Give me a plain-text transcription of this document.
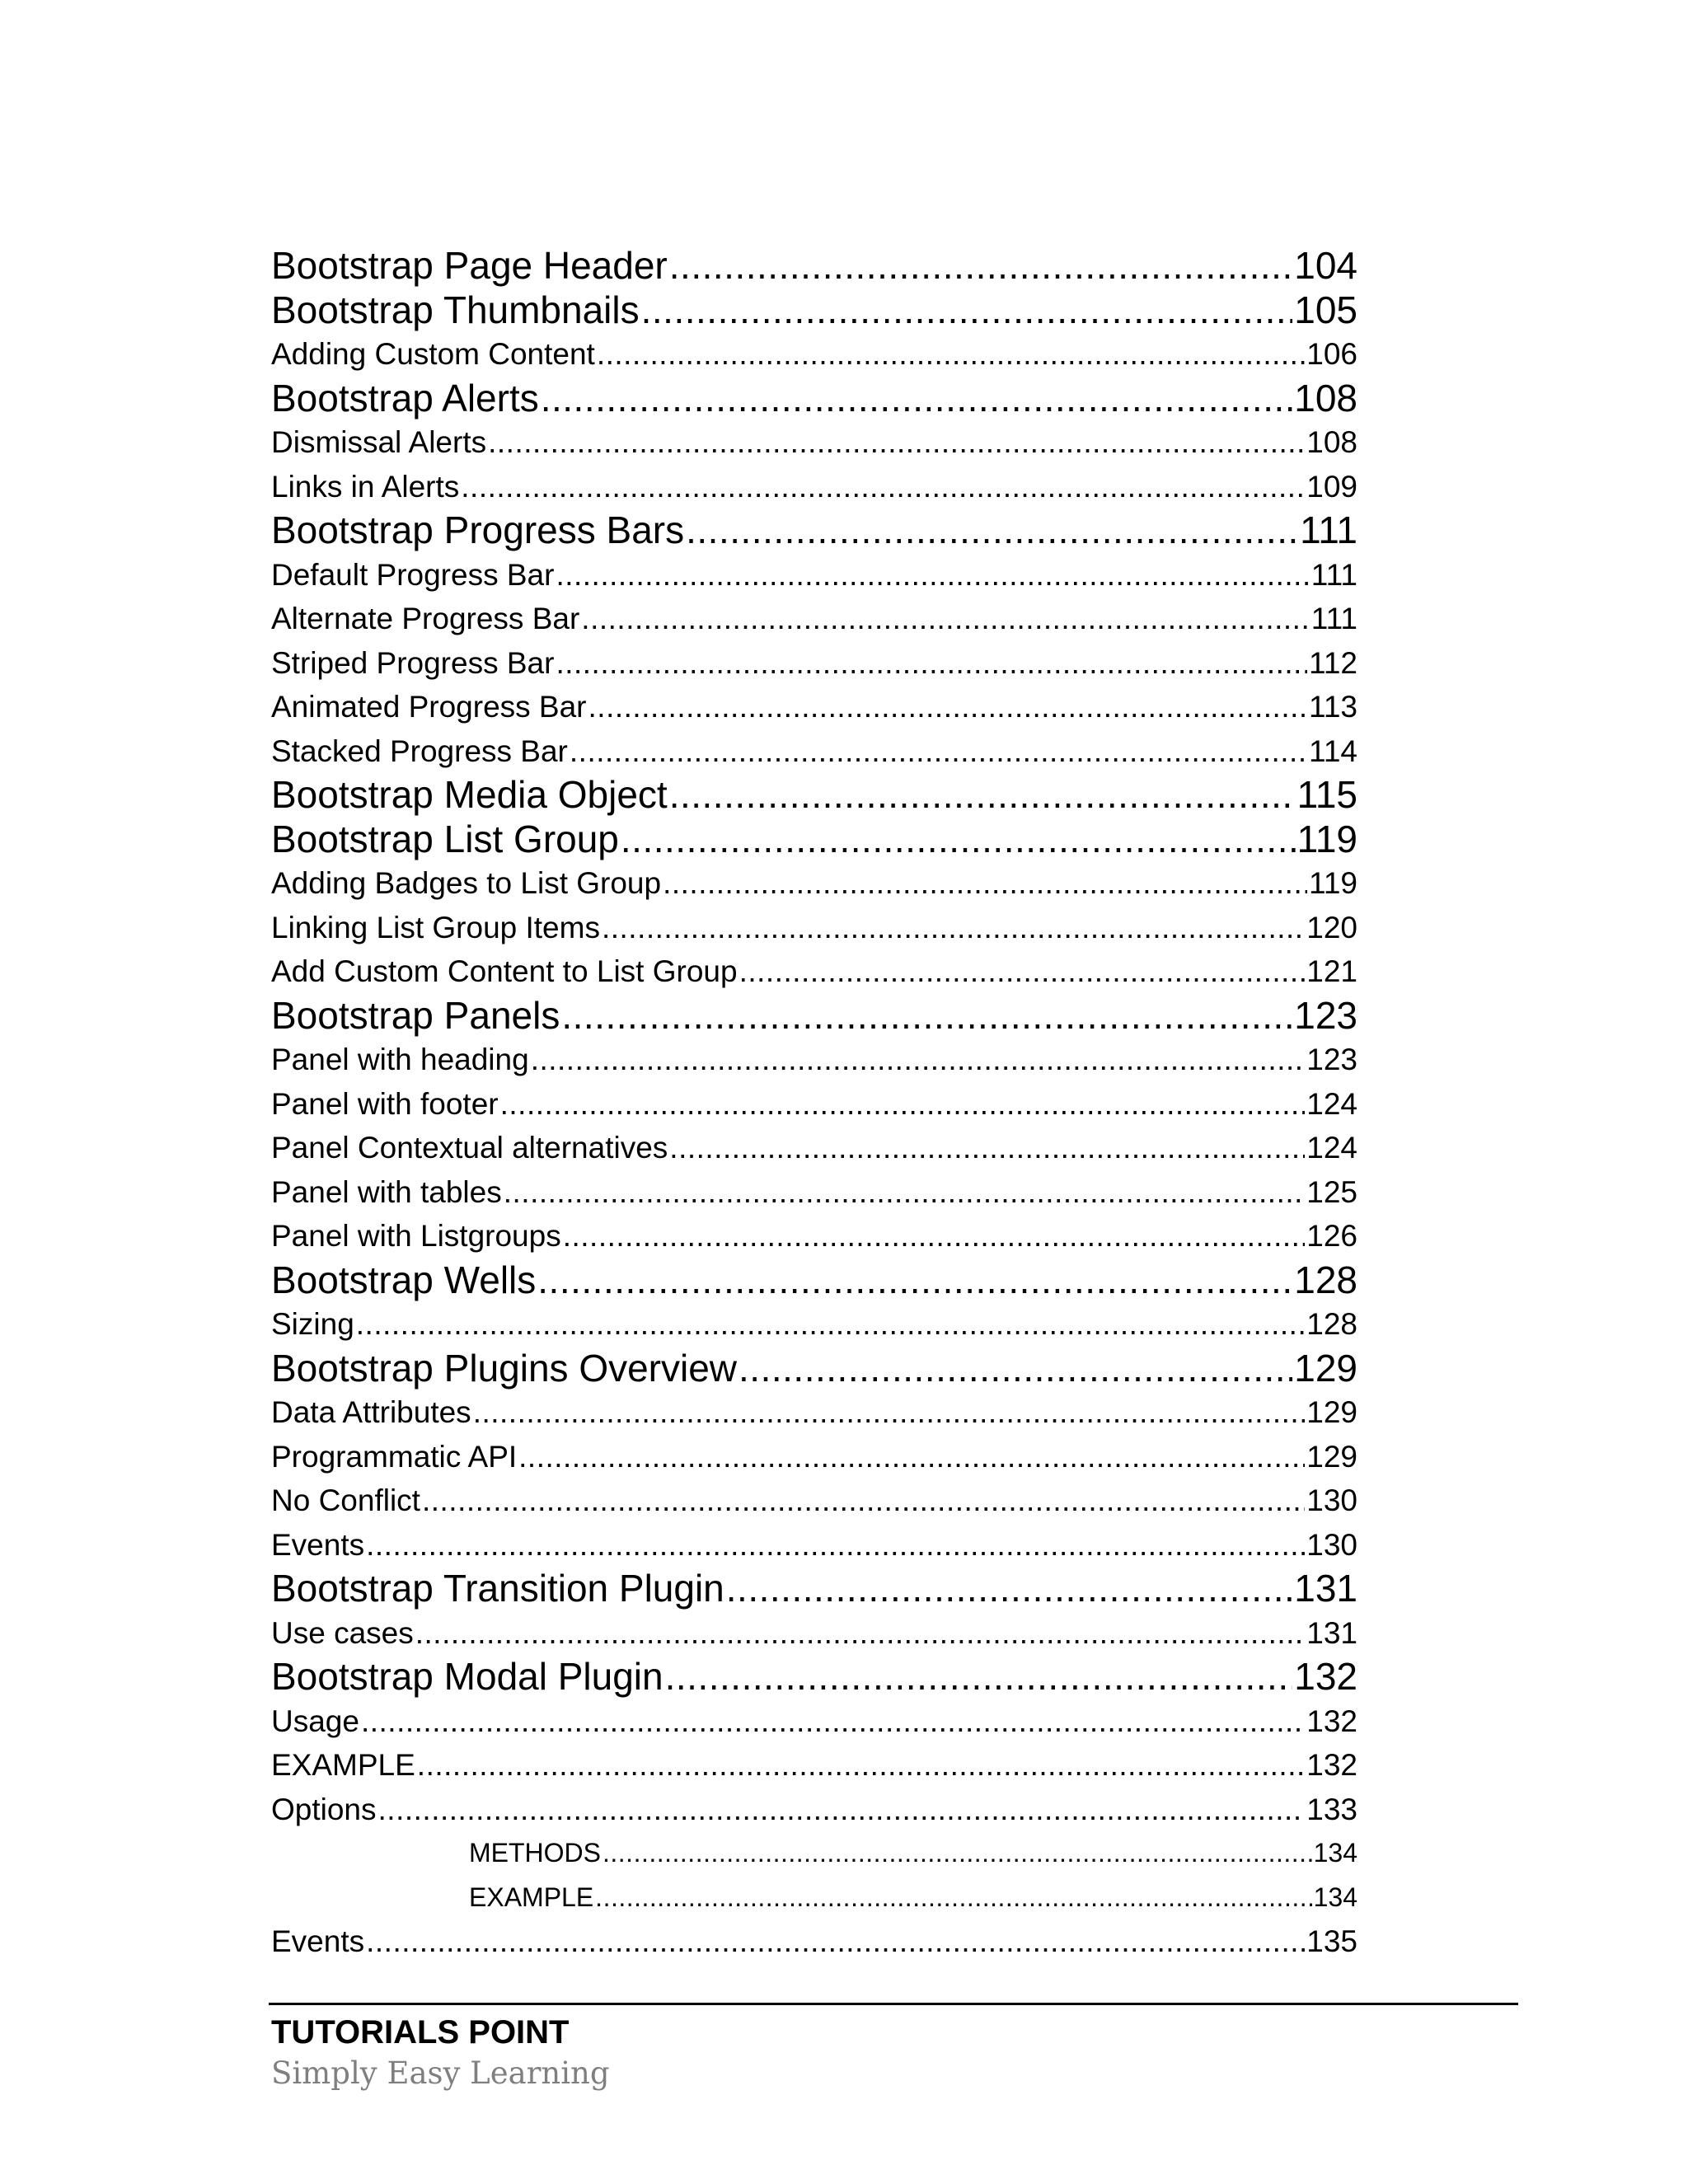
Bootstrap Page Header .....	104
Bootstrap Thumbnails .....	105
Adding Custom Content .....	106
Bootstrap Alerts .....	108
Dismissal Alerts .....	108
Links in Alerts .....	109
Bootstrap Progress Bars .....	111
Default Progress Bar .....	111
Alternate Progress Bar .....	111
Striped Progress Bar .....	112
Animated Progress Bar .....	113
Stacked Progress Bar .....	114
Bootstrap Media Object .....	115
Bootstrap List Group .....	119
Adding Badges to List Group .....	119
Linking List Group Items .....	120
Add Custom Content to List Group .....	121
Bootstrap Panels .....	123
Panel with heading .....	123
Panel with footer .....	124
Panel Contextual alternatives .....	124
Panel with tables .....	125
Panel with Listgroups .....	126
Bootstrap Wells .....	128
Sizing .....	128
Bootstrap Plugins Overview .....	129
Data Attributes .....	129
Programmatic API .....	129
No Conflict .....	130
Events .....	130
Bootstrap Transition Plugin .....	131
Use cases .....	131
Bootstrap Modal Plugin .....	132
Usage .....	132
EXAMPLE .....	132
Options .....	133
METHODS .....	134
EXAMPLE .....	134
Events .....	135
TUTORIALS POINT
Simply Easy Learning
